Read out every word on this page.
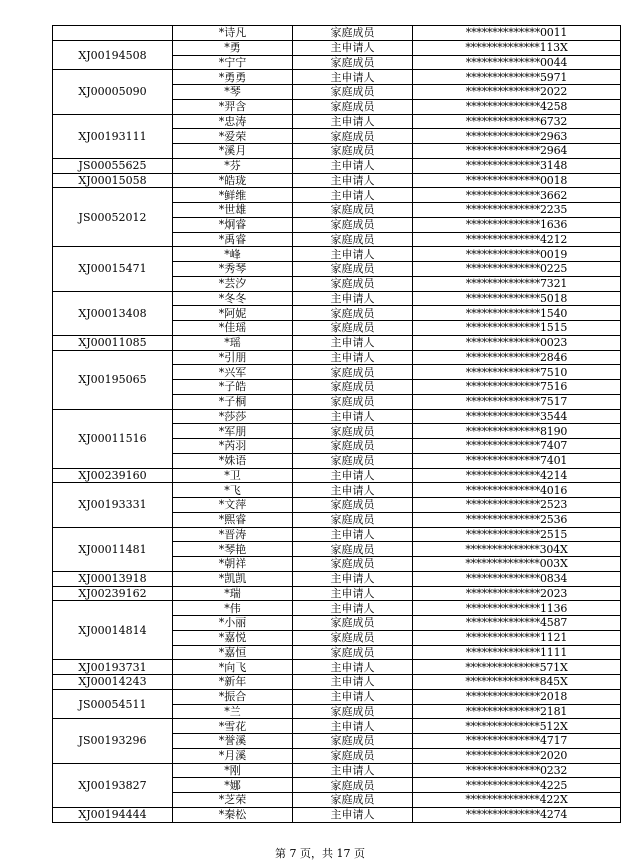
	*诗凡	家庭成员	**************0011
XJ00194508	*勇	主申请人	**************113X
	*宁宁	家庭成员	**************0044
XJ00005090	*勇勇	主申请人	**************5971
	*琴	家庭成员	**************2022
	*羿含	家庭成员	**************4258
XJ00193111	*忠涛	主申请人	**************6732
	*爱荣	家庭成员	**************2963
	*溪月	家庭成员	**************2964
JS00055625	*芬	主申请人	**************3148
XJ00015058	*皓珑	主申请人	**************0018
JS00052012	*鲜维	主申请人	**************3662
	*世雄	家庭成员	**************2235
	*炯睿	家庭成员	**************1636
	*禹睿	家庭成员	**************4212
XJ00015471	*峰	主申请人	**************0019
	*秀琴	家庭成员	**************0225
	*芸汐	家庭成员	**************7321
XJ00013408	*冬冬	主申请人	**************5018
	*阿妮	家庭成员	**************1540
	*佳瑶	家庭成员	**************1515
XJ00011085	*瑶	主申请人	**************0023
XJ00195065	*引朋	主申请人	**************2846
	*兴军	家庭成员	**************7510
	*子皓	家庭成员	**************7516
	*子桐	家庭成员	**************7517
XJ00011516	*莎莎	主申请人	**************3544
	*军朋	家庭成员	**************8190
	*芮羽	家庭成员	**************7407
	*姝语	家庭成员	**************7401
XJ00239160	*卫	主申请人	**************4214
XJ00193331	*飞	主申请人	**************4016
	*文萍	家庭成员	**************2523
	*熙睿	家庭成员	**************2536
XJ00011481	*晋涛	主申请人	**************2515
	*琴艳	家庭成员	**************304X
	*朝祥	家庭成员	**************003X
XJ00013918	*凯凯	主申请人	**************0834
XJ00239162	*瑞	主申请人	**************2023
XJ00014814	*伟	主申请人	**************1136
	*小丽	家庭成员	**************4587
	*嘉悦	家庭成员	**************1121
	*嘉恒	家庭成员	**************1111
XJ00193731	*向飞	主申请人	**************571X
XJ00014243	*新年	主申请人	**************845X
JS00054511	*振合	主申请人	**************2018
	*兰	家庭成员	**************2181
JS00193296	*雪花	主申请人	**************512X
	*誉溪	家庭成员	**************4717
	*月溪	家庭成员	**************2020
XJ00193827	*刚	主申请人	**************0232
	*娜	家庭成员	**************4225
	*芝荣	家庭成员	**************422X
XJ00194444	*秦松	主申请人	**************4274
第 7 页，共 17 页
